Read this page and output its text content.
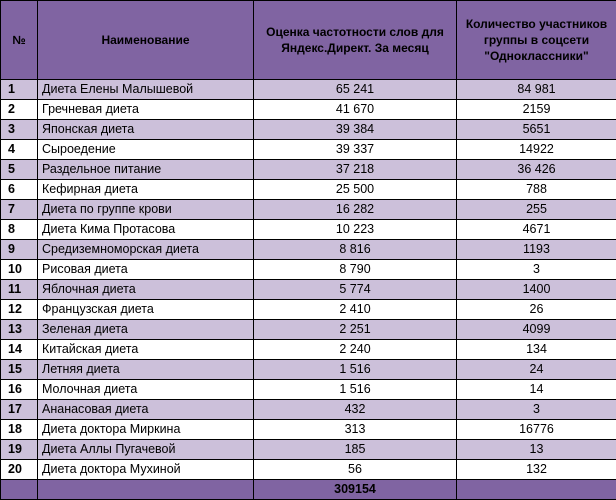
№	Наименование	Оценка частотности слов для Яндекс.Директ. За месяц	Количество участников группы в соцсети "Одноклассники"
1	Диета Елены Малышевой	65 241	84 981
2	Гречневая диета	41 670	2159
3	Японская диета	39 384	5651
4	Сыроедение	39 337	14922
5	Раздельное питание	37 218	36 426
6	Кефирная диета	25 500	788
7	Диета по группе крови	16 282	255
8	Диета Кима Протасова	10 223	4671
9	Средиземноморская диета	8 816	1193
10	Рисовая диета	8 790	3
11	Яблочная диета	5 774	1400
12	Французская диета	2 410	26
13	Зеленая диета	2 251	4099
14	Китайская диета	2 240	134
15	Летняя диета	1 516	24
16	Молочная диета	1 516	14
17	Ананасовая диета	432	3
18	Диета доктора Миркина	313	16776
19	Диета Аллы Пугачевой	185	13
20	Диета доктора Мухиной	56	132
		309154	
